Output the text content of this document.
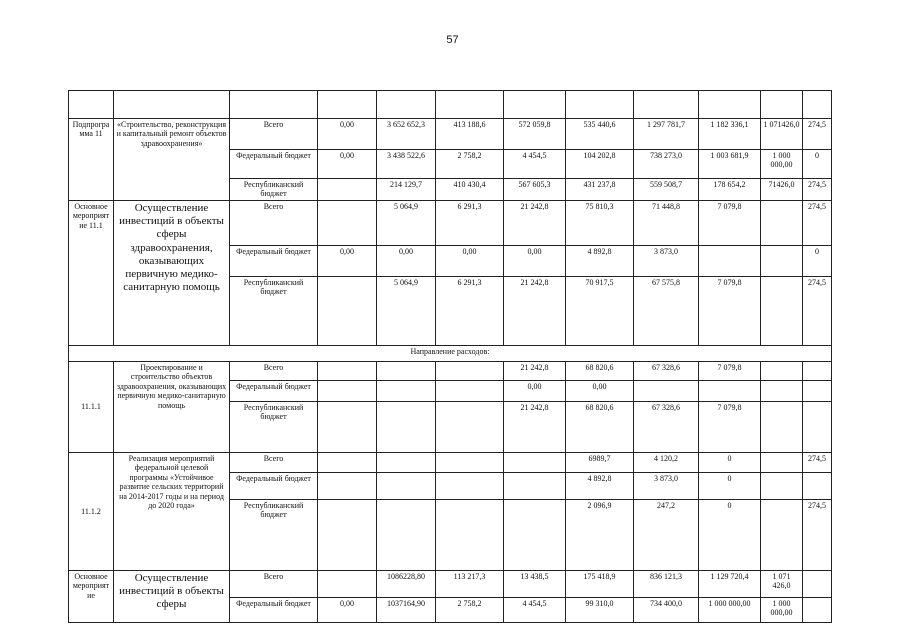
57

Подпрограмма 11	«Строительство, реконструкция и капитальный ремонт объектов здравоохранения»	Всего	0,00	3 652 652,3	413 188,6	572 059,8	535 440,6	1 297 781,7	1 182 336,1	1 071426,0	274,5
		Федеральный бюджет	0,00	3 438 522,6	2 758,2	4 454,5	104 202,8	738 273,0	1 003 681,9	1 000 000,00	0
		Республиканский бюджет		214 129,7	410 430,4	567 605,3	431 237,8	559 508,7	178 654,2	71426,0	274,5
Основное мероприятие 11.1	Осуществление инвестиций в объекты сферы здравоохранения, оказывающих первичную медико-санитарную помощь	Всего		5 064,9	6 291,3	21 242,8	75 810,3	71 448,8	7 079,8		274,5
		Федеральный бюджет	0,00	0,00	0,00	0,00	4 892,8	3 873,0			0
		Республиканский бюджет		5 064,9	6 291,3	21 242,8	70 917,5	67 575,8	7 079,8		274,5
Направление расходов:											
11.1.1	Проектирование и строительство объектов здравоохранения, оказывающих первичную медико-санитарную помощь	Всего				21 242,8	68 820,6	67 328,6	7 079,8		
		Федеральный бюджет				0,00	0,00				
		Республиканский бюджет				21 242,8	68 820,6	67 328,6	7 079,8		
11.1.2	Реализация мероприятий федеральной целевой программы «Устойчивое развитие сельских территорий на 2014-2017 годы и на период до 2020 года»	Всего					6989,7	4 120,2	0		274,5
		Федеральный бюджет					4 892,8	3 873,0	0		
		Республиканский бюджет					2 096,9	247,2	0		274,5
Основное мероприятие	Осуществление инвестиций в объекты сферы	Всего		1086228,80	113 217,3	13 438,5	175 418,9	836 121,3	1 129 720,4	1 071 426,0	
		Федеральный бюджет	0,00	1037164,90	2 758,2	4 454,5	99 310,0	734 400,0	1 000 000,00	1 000 000,00	
